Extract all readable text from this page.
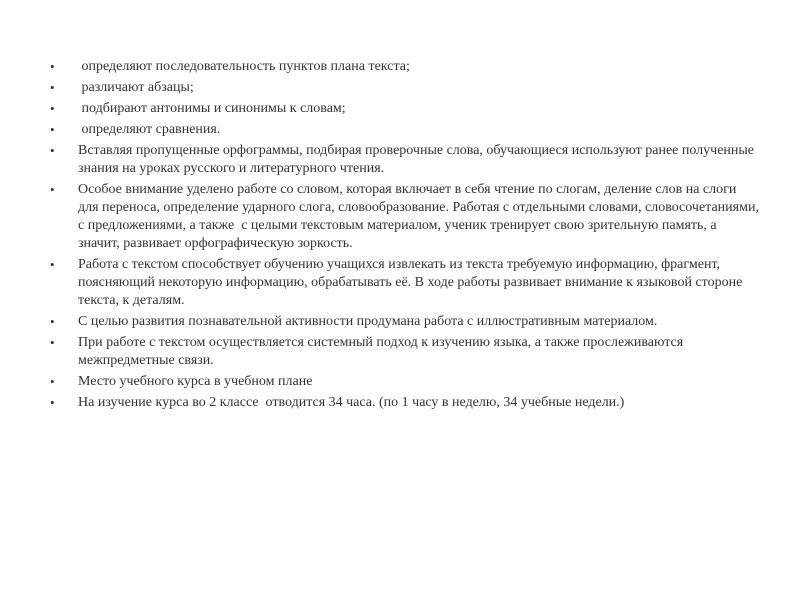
•	определяют последовательность пунктов плана текста;
•	различают абзацы;
•	подбирают антонимы и синонимы к словам;
•	определяют сравнения.
•	Вставляя пропущенные орфограммы, подбирая проверочные слова, обучающиеся используют ранее полученные знания на уроках русского и литературного чтения.
•	Особое внимание уделено работе со словом, которая включает в себя чтение по слогам, деление слов на слоги для переноса, определение ударного слога, словообразование. Работая с отдельными словами, словосочетаниями, с предложениями, а также  с целыми текстовым материалом, ученик тренирует свою зрительную память, а значит, развивает орфографическую зоркость.
•	Работа с текстом способствует обучению учащихся извлекать из текста требуемую информацию, фрагмент, поясняющий некоторую информацию, обрабатывать её. В ходе работы развивает внимание к языковой стороне текста, к деталям.
•	С целью развития познавательной активности продумана работа с иллюстративным материалом.
•	При работе с текстом осуществляется системный подход к изучению языка, а также прослеживаются межпредметные связи.
•	Место учебного курса в учебном плане
•	На изучение курса во 2 классе  отводится 34 часа. (по 1 часу в неделю, 34 учебные недели.)
